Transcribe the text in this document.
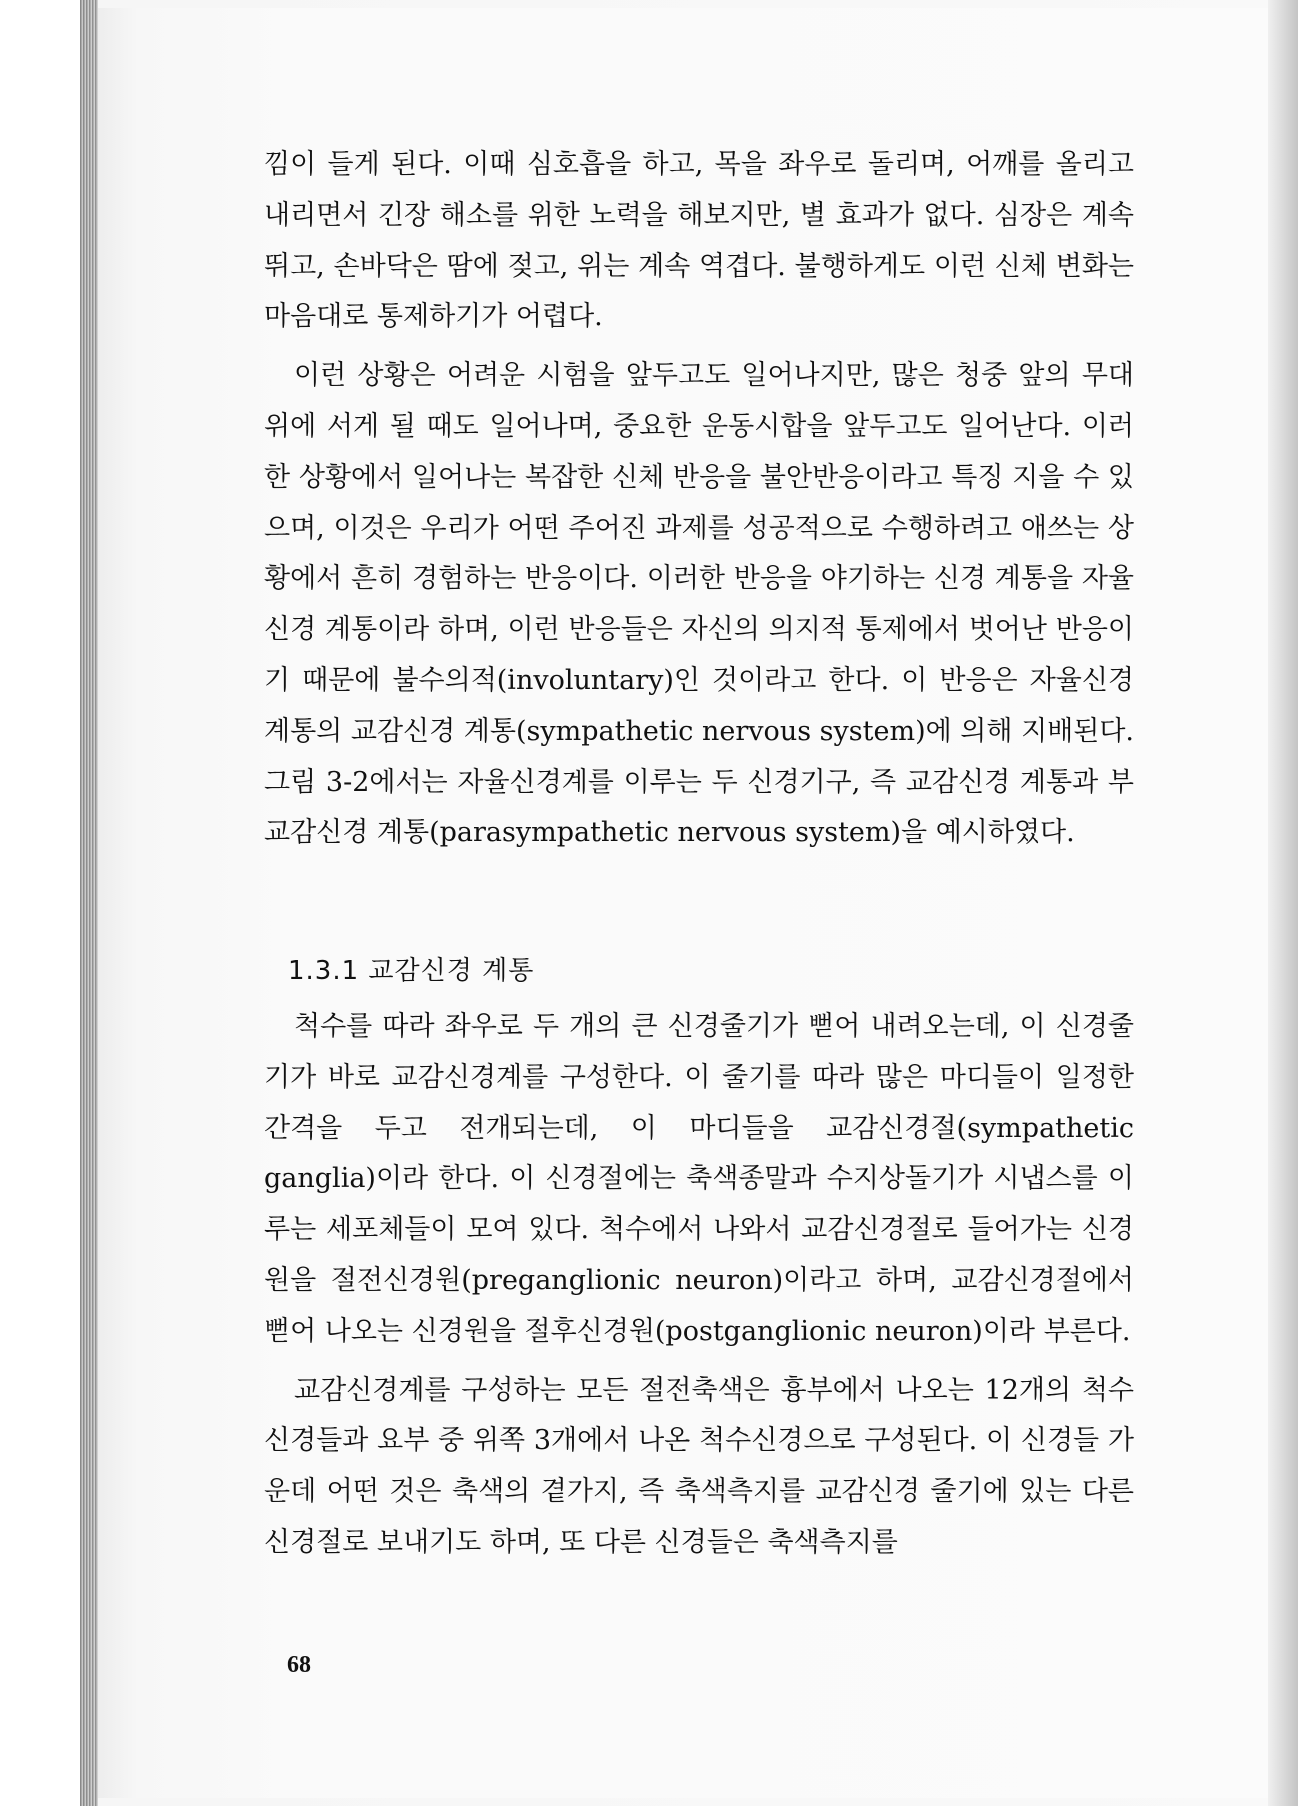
낌이 들게 된다. 이때 심호흡을 하고, 목을 좌우로 돌리며, 어깨를 올리고 내리면서 긴장 해소를 위한 노력을 해보지만, 별 효과가 없다. 심장은 계속 뛰고, 손바닥은 땀에 젖고, 위는 계속 역겹다. 불행하게도 이런 신체 변화는 마음대로 통제하기가 어렵다.

이런 상황은 어려운 시험을 앞두고도 일어나지만, 많은 청중 앞의 무대 위에 서게 될 때도 일어나며, 중요한 운동시합을 앞두고도 일어난다. 이러한 상황에서 일어나는 복잡한 신체 반응을 불안반응이라고 특징 지을 수 있으며, 이것은 우리가 어떤 주어진 과제를 성공적으로 수행하려고 애쓰는 상황에서 흔히 경험하는 반응이다. 이러한 반응을 야기하는 신경 계통을 자율신경 계통이라 하며, 이런 반응들은 자신의 의지적 통제에서 벗어난 반응이기 때문에 불수의적(involuntary)인 것이라고 한다. 이 반응은 자율신경 계통의 교감신경 계통(sympathetic nervous system)에 의해 지배된다. 그림 3-2에서는 자율신경계를 이루는 두 신경기구, 즉 교감신경 계통과 부교감신경 계통(parasympathetic nervous system)을 예시하였다.

1.3.1 교감신경 계통

척수를 따라 좌우로 두 개의 큰 신경줄기가 뻗어 내려오는데, 이 신경줄기가 바로 교감신경계를 구성한다. 이 줄기를 따라 많은 마디들이 일정한 간격을 두고 전개되는데, 이 마디들을 교감신경절(sympathetic ganglia)이라 한다. 이 신경절에는 축색종말과 수지상돌기가 시냅스를 이루는 세포체들이 모여 있다. 척수에서 나와서 교감신경절로 들어가는 신경원을 절전신경원(preganglionic neuron)이라고 하며, 교감신경절에서 뻗어 나오는 신경원을 절후신경원(postganglionic neuron)이라 부른다.

교감신경계를 구성하는 모든 절전축색은 흉부에서 나오는 12개의 척수신경들과 요부 중 위쪽 3개에서 나온 척수신경으로 구성된다. 이 신경들 가운데 어떤 것은 축색의 곁가지, 즉 축색측지를 교감신경 줄기에 있는 다른 신경절로 보내기도 하며, 또 다른 신경들은 축색측지를

68
